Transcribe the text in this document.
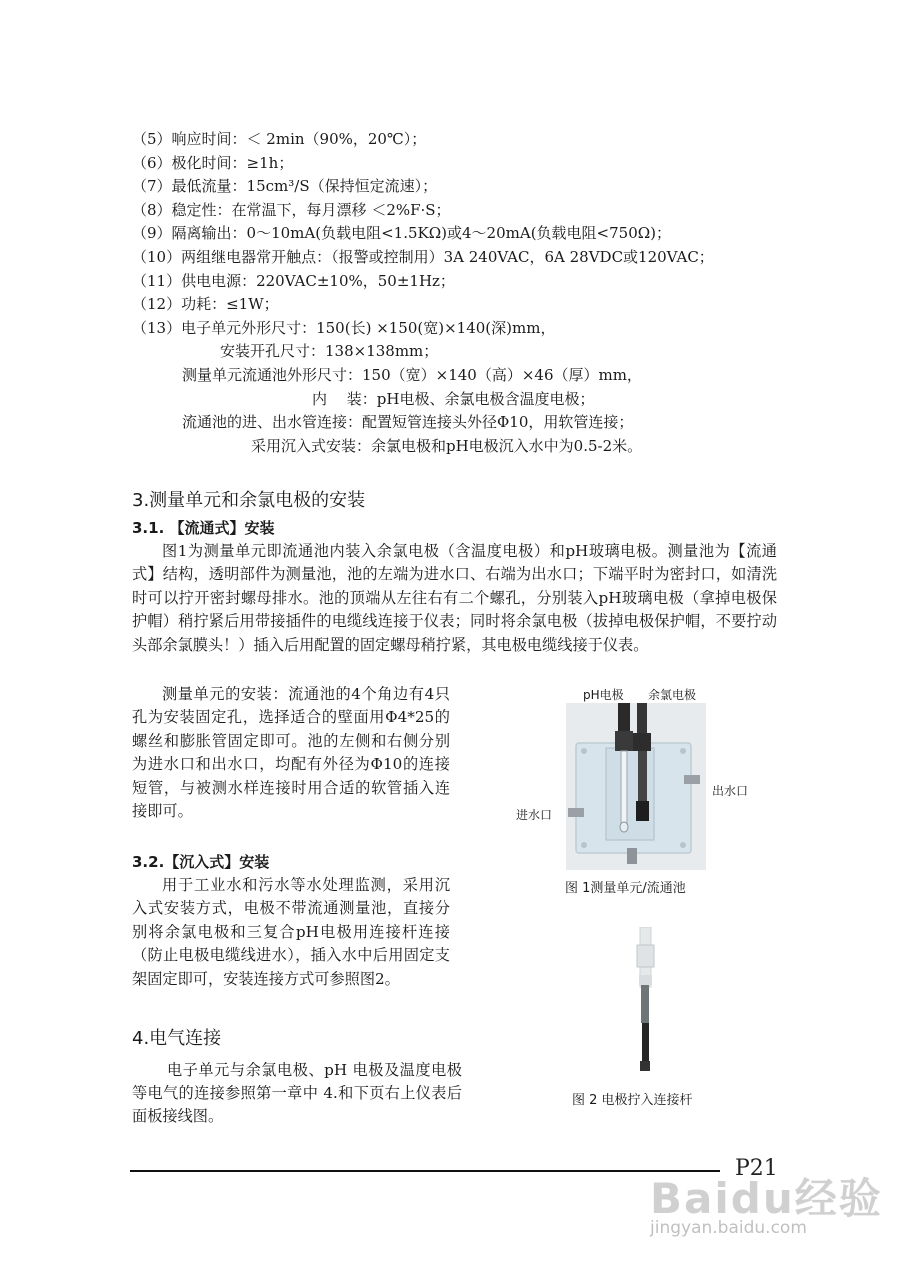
（5）响应时间：＜ 2min（90%，20℃）；
（6）极化时间：≥1h；
（7）最低流量：15cm³/S（保持恒定流速）；
（8）稳定性：在常温下，每月漂移 ＜2%F·S；
（9）隔离输出：0～10mA(负载电阻<1.5KΩ)或4～20mA(负载电阻<750Ω)；
（10）两组继电器常开触点：（报警或控制用）3A 240VAC，6A 28VDC或120VAC；
（11）供电电源：220VAC±10%，50±1Hz；
（12）功耗：≤1W；
（13）电子单元外形尺寸：150(长) ×150(宽)×140(深)mm，
安装开孔尺寸：138×138mm；
测量单元流通池外形尺寸：150（宽）×140（高）×46（厚）mm，
内　 装：pH电极、余氯电极含温度电极；
流通池的进、出水管连接：配置短管连接头外径Φ10，用软管连接；
采用沉入式安装：余氯电极和pH电极沉入水中为0.5-2米。
3.测量单元和余氯电极的安装
3.1. 【流通式】安装

图1为测量单元即流通池内装入余氯电极（含温度电极）和pH玻璃电极。测量池为【流通式】结构，透明部件为测量池，池的左端为进水口、右端为出水口；下端平时为密封口，如清洗时可以拧开密封螺母排水。池的顶端从左往右有二个螺孔，分别装入pH玻璃电极（拿掉电极保护帽）稍拧紧后用带接插件的电缆线连接于仪表；同时将余氯电极（拔掉电极保护帽，不要拧动头部余氯膜头！）插入后用配置的固定螺母稍拧紧，其电极电缆线接于仪表。

测量单元的安装：流通池的4个角边有4只孔为安装固定孔，选择适合的壁面用Φ4*25的螺丝和膨胀管固定即可。池的左侧和右侧分别为进水口和出水口，均配有外径为Φ10的连接短管，与被测水样连接时用合适的软管插入连接即可。

3.2.【沉入式】安装

用于工业水和污水等水处理监测，采用沉入式安装方式，电极不带流通测量池，直接分别将余氯电极和三复合pH电极用连接杆连接（防止电极电缆线进水），插入水中后用固定支架固定即可，安装连接方式可参照图2。

4.电气连接

电子单元与余氯电极、pH 电极及温度电极等电气的连接参照第一章中 4.和下页右上仪表后面板接线图。

pH电极 余氯电极
进水口
出水口
图 1测量单元/流通池
图 2 电极拧入连接杆
P21
Baidu经验
jingyan.baidu.com
